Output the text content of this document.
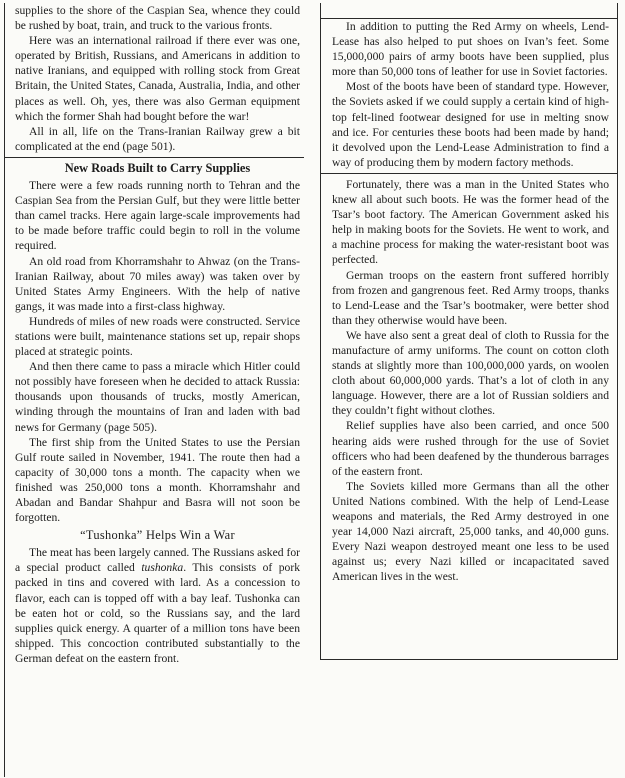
supplies to the shore of the Caspian Sea, whence they could be rushed by boat, train, and truck to the various fronts.

Here was an international railroad if there ever was one, operated by British, Russians, and Americans in addition to native Iranians, and equipped with rolling stock from Great Britain, the United States, Canada, Australia, India, and other places as well. Oh, yes, there was also German equipment which the former Shah had bought before the war!

All in all, life on the Trans-Iranian Railway grew a bit complicated at the end (page 501).

New Roads Built to Carry Supplies

There were a few roads running north to Tehran and the Caspian Sea from the Persian Gulf, but they were little better than camel tracks. Here again large-scale improvements had to be made before traffic could begin to roll in the volume required.

An old road from Khorramshahr to Ahwaz (on the Trans-Iranian Railway, about 70 miles away) was taken over by United States Army Engineers. With the help of native gangs, it was made into a first-class highway.

Hundreds of miles of new roads were constructed. Service stations were built, maintenance stations set up, repair shops placed at strategic points.

And then there came to pass a miracle which Hitler could not possibly have foreseen when he decided to attack Russia: thousands upon thousands of trucks, mostly American, winding through the mountains of Iran and laden with bad news for Germany (page 505).

The first ship from the United States to use the Persian Gulf route sailed in November, 1941. The route then had a capacity of 30,000 tons a month. The capacity when we finished was 250,000 tons a month. Khorramshahr and Abadan and Bandar Shahpur and Basra will not soon be forgotten.

“Tushonka” Helps Win a War

The meat has been largely canned. The Russians asked for a special product called tushonka. This consists of pork packed in tins and covered with lard. As a concession to flavor, each can is topped off with a bay leaf. Tushonka can be eaten hot or cold, so the Russians say, and the lard supplies quick energy. A quarter of a million tons have been shipped. This concoction contributed substantially to the German defeat on the eastern front.

In addition to putting the Red Army on wheels, Lend-Lease has also helped to put shoes on Ivan’s feet. Some 15,000,000 pairs of army boots have been supplied, plus more than 50,000 tons of leather for use in Soviet factories.

Most of the boots have been of standard type. However, the Soviets asked if we could supply a certain kind of high-top felt-lined footwear designed for use in melting snow and ice. For centuries these boots had been made by hand; it devolved upon the Lend-Lease Administration to find a way of producing them by modern factory methods.

Fortunately, there was a man in the United States who knew all about such boots. He was the former head of the Tsar’s boot factory. The American Government asked his help in making boots for the Soviets. He went to work, and a machine process for making the water-resistant boot was perfected.

German troops on the eastern front suffered horribly from frozen and gangrenous feet. Red Army troops, thanks to Lend-Lease and the Tsar’s bootmaker, were better shod than they otherwise would have been.

We have also sent a great deal of cloth to Russia for the manufacture of army uniforms. The count on cotton cloth stands at slightly more than 100,000,000 yards, on woolen cloth about 60,000,000 yards. That’s a lot of cloth in any language. However, there are a lot of Russian soldiers and they couldn’t fight without clothes.

Relief supplies have also been carried, and once 500 hearing aids were rushed through for the use of Soviet officers who had been deafened by the thunderous barrages of the eastern front.

The Soviets killed more Germans than all the other United Nations combined. With the help of Lend-Lease weapons and materials, the Red Army destroyed in one year 14,000 Nazi aircraft, 25,000 tanks, and 40,000 guns. Every Nazi weapon destroyed meant one less to be used against us; every Nazi killed or incapacitated saved American lives in the west.
